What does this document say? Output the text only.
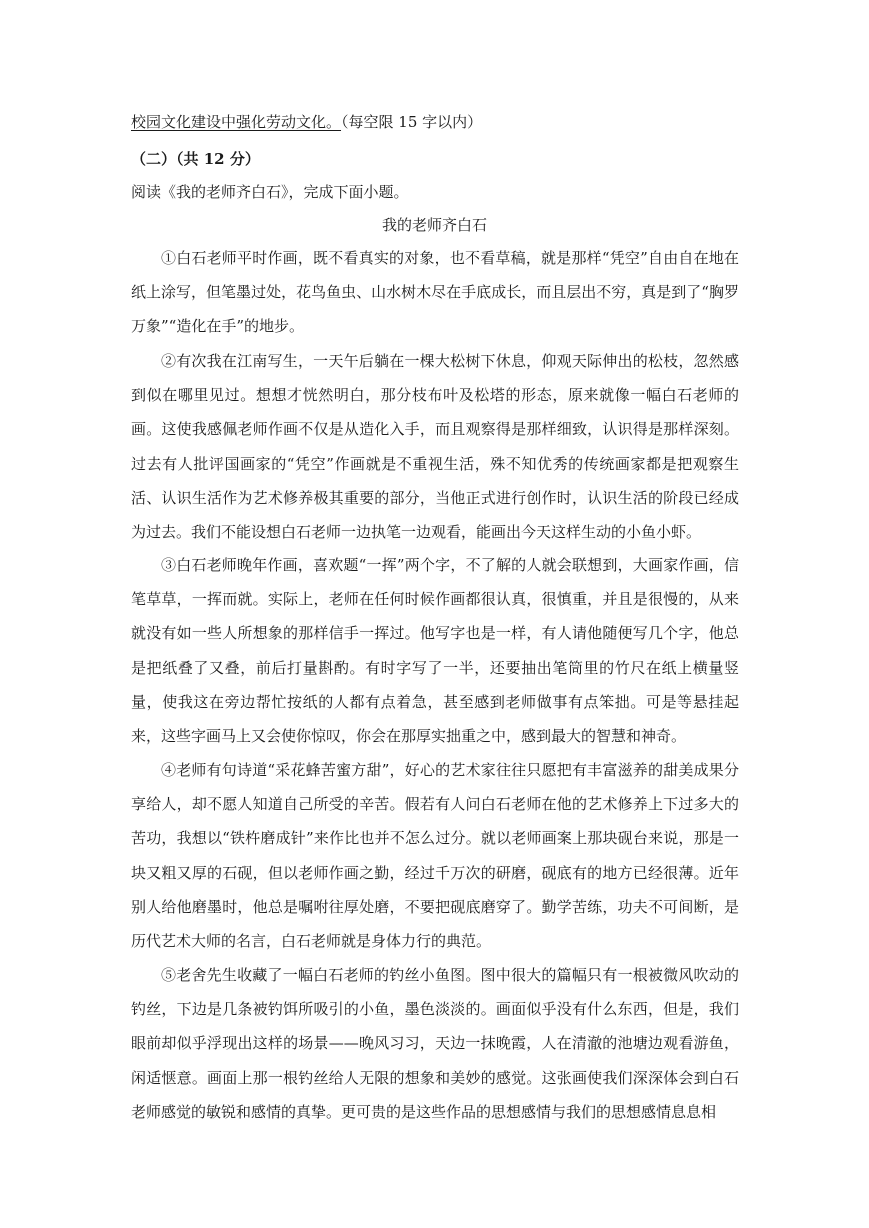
校园文化建设中强化劳动文化。（每空限 15 字以内）
（二）（共 12 分）
阅读《我的老师齐白石》，完成下面小题。
我的老师齐白石
①白石老师平时作画，既不看真实的对象，也不看草稿，就是那样“凭空”自由自在地在纸上涂写，但笔墨过处，花鸟鱼虫、山水树木尽在手底成长，而且层出不穷，真是到了“胸罗万象”“造化在手”的地步。
②有次我在江南写生，一天午后躺在一棵大松树下休息，仰观天际伸出的松枝，忽然感到似在哪里见过。想想才恍然明白，那分枝布叶及松塔的形态，原来就像一幅白石老师的画。这使我感佩老师作画不仅是从造化入手，而且观察得是那样细致，认识得是那样深刻。过去有人批评国画家的“凭空”作画就是不重视生活，殊不知优秀的传统画家都是把观察生活、认识生活作为艺术修养极其重要的部分，当他正式进行创作时，认识生活的阶段已经成为过去。我们不能设想白石老师一边执笔一边观看，能画出今天这样生动的小鱼小虾。
③白石老师晚年作画，喜欢题“一挥”两个字，不了解的人就会联想到，大画家作画，信笔草草，一挥而就。实际上，老师在任何时候作画都很认真，很慎重，并且是很慢的，从来就没有如一些人所想象的那样信手一挥过。他写字也是一样，有人请他随便写几个字，他总是把纸叠了又叠，前后打量斟酌。有时字写了一半，还要抽出笔筒里的竹尺在纸上横量竖量，使我这在旁边帮忙按纸的人都有点着急，甚至感到老师做事有点笨拙。可是等悬挂起来，这些字画马上又会使你惊叹，你会在那厚实拙重之中，感到最大的智慧和神奇。
④老师有句诗道“采花蜂苦蜜方甜”，好心的艺术家往往只愿把有丰富滋养的甜美成果分享给人，却不愿人知道自己所受的辛苦。假若有人问白石老师在他的艺术修养上下过多大的苦功，我想以“铁杵磨成针”来作比也并不怎么过分。就以老师画案上那块砚台来说，那是一块又粗又厚的石砚，但以老师作画之勤，经过千万次的研磨，砚底有的地方已经很薄。近年别人给他磨墨时，他总是嘱咐往厚处磨，不要把砚底磨穿了。勤学苦练，功夫不可间断，是历代艺术大师的名言，白石老师就是身体力行的典范。
⑤老舍先生收藏了一幅白石老师的钓丝小鱼图。图中很大的篇幅只有一根被微风吹动的钓丝，下边是几条被钓饵所吸引的小鱼，墨色淡淡的。画面似乎没有什么东西，但是，我们眼前却似乎浮现出这样的场景——晚风习习，天边一抹晚霞，人在清澈的池塘边观看游鱼，闲适惬意。画面上那一根钓丝给人无限的想象和美妙的感觉。这张画使我们深深体会到白石老师感觉的敏锐和感情的真挚。更可贵的是这些作品的思想感情与我们的思想感情息息相
